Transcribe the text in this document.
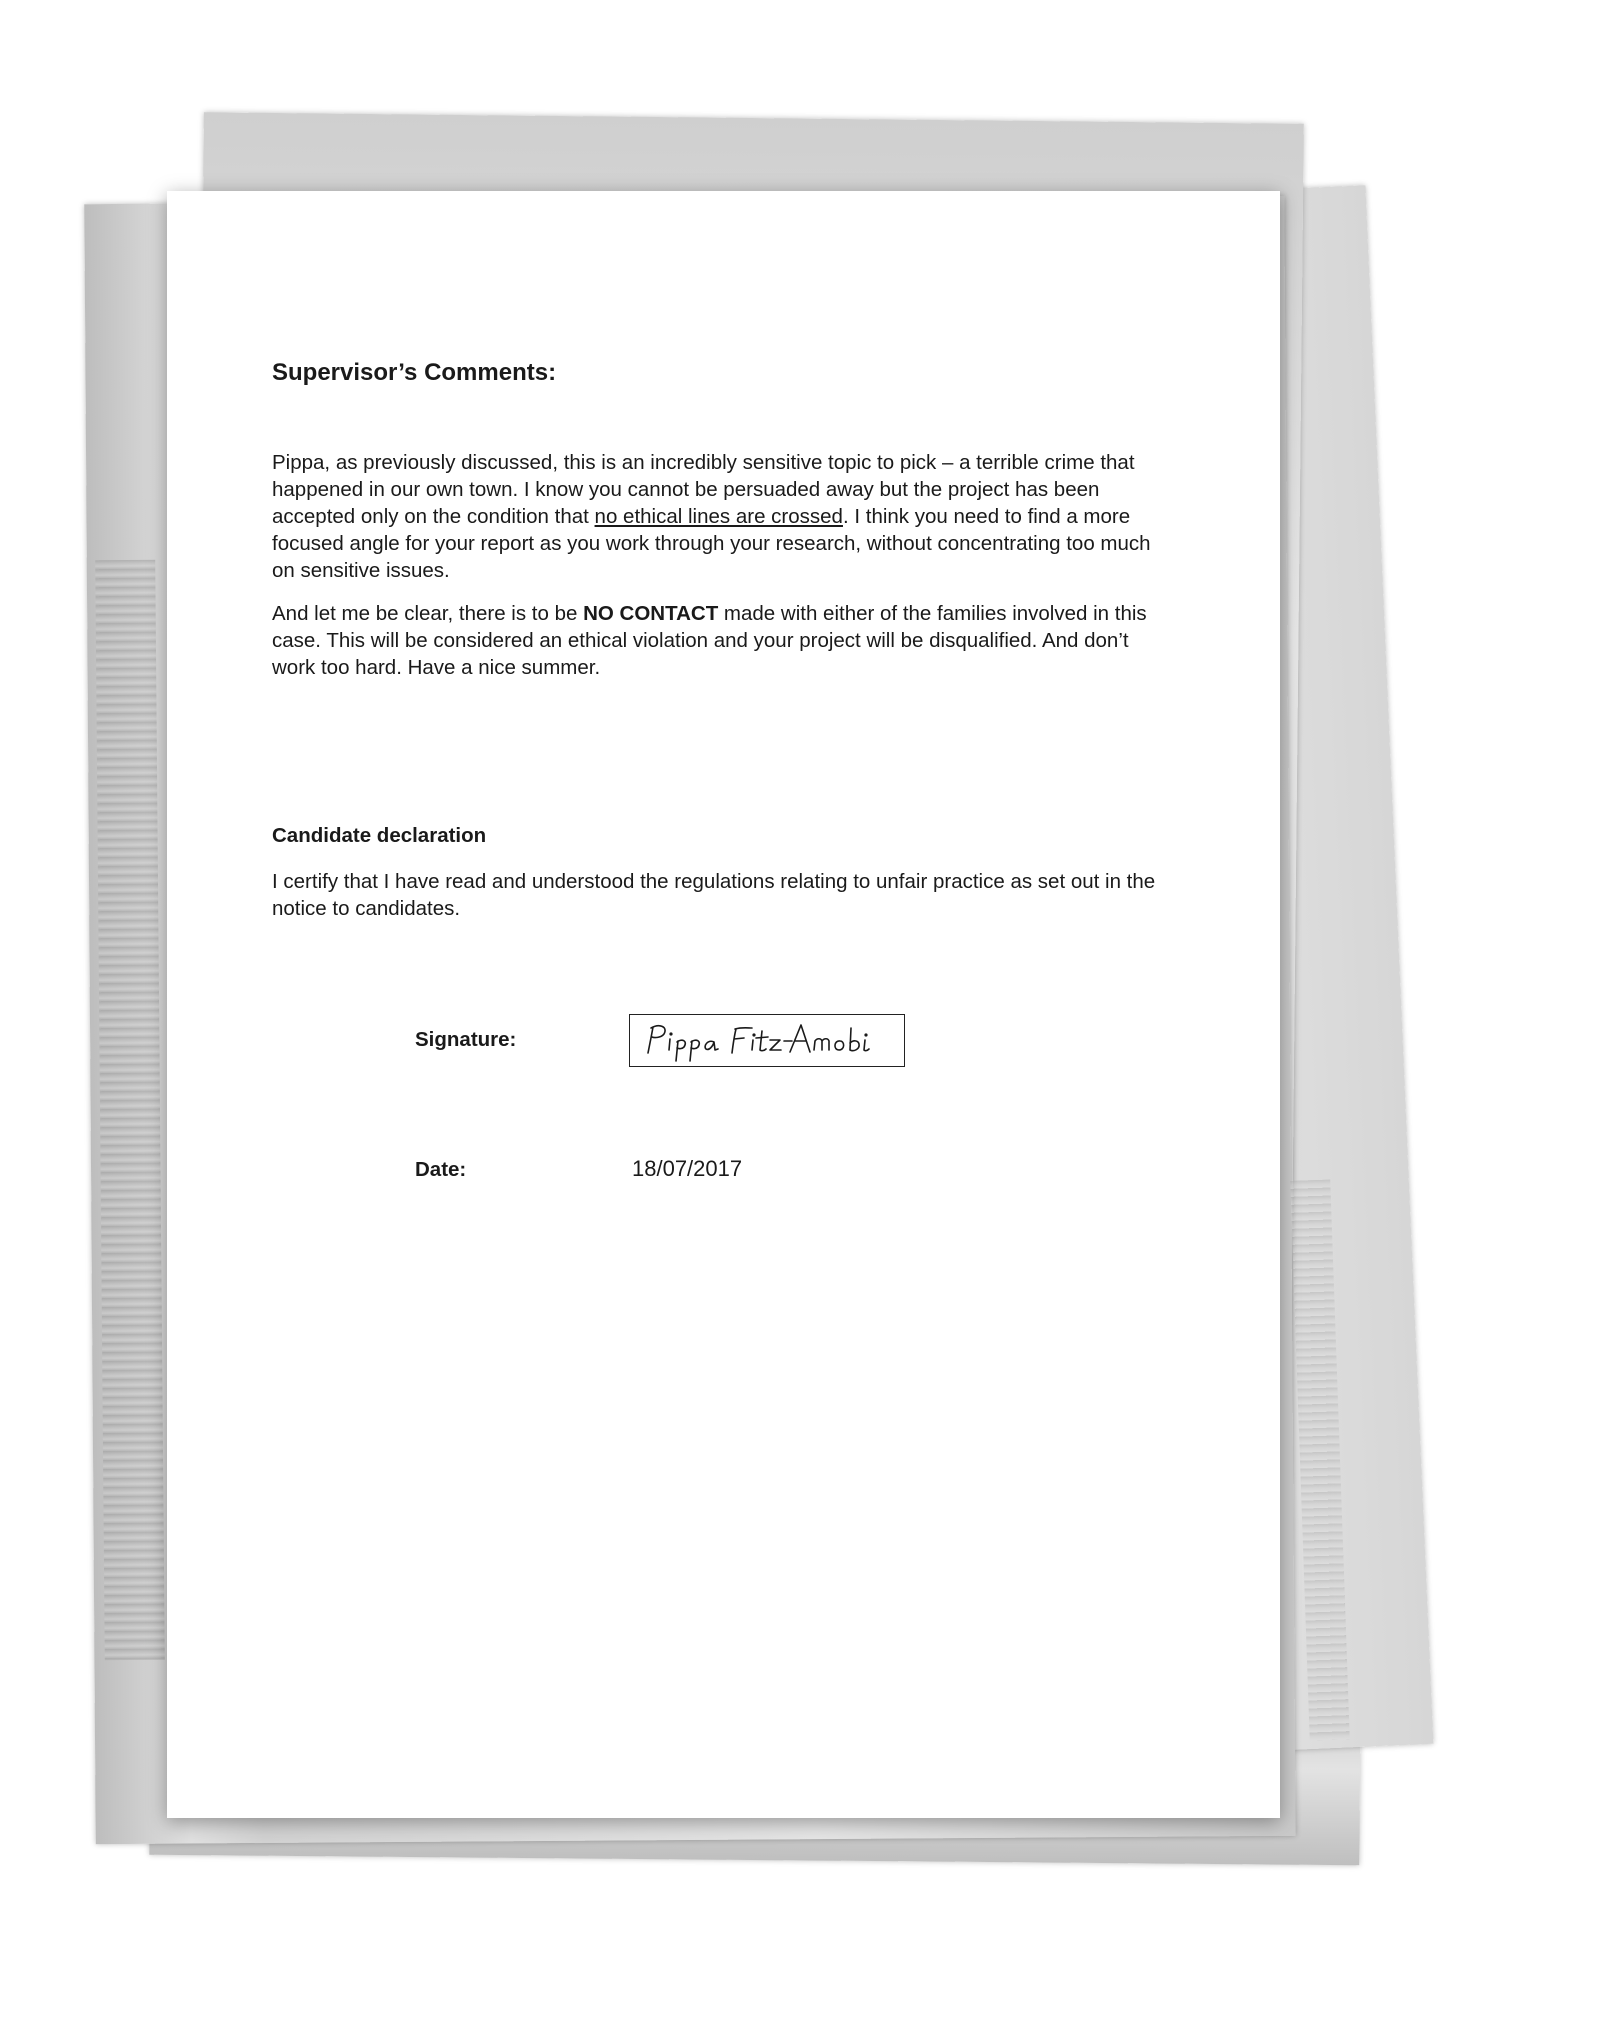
Supervisor’s Comments:

Pippa, as previously discussed, this is an incredibly sensitive topic to pick – a terrible crime that happened in our own town. I know you cannot be persuaded away but the project has been accepted only on the condition that no ethical lines are crossed. I think you need to find a more focused angle for your report as you work through your research, without concentrating too much on sensitive issues.

And let me be clear, there is to be NO CONTACT made with either of the families involved in this case. This will be considered an ethical violation and your project will be disqualified. And don’t work too hard. Have a nice summer.

Candidate declaration

I certify that I have read and understood the regulations relating to unfair practice as set out in the notice to candidates.

Signature:
Date:	18/07/2017
